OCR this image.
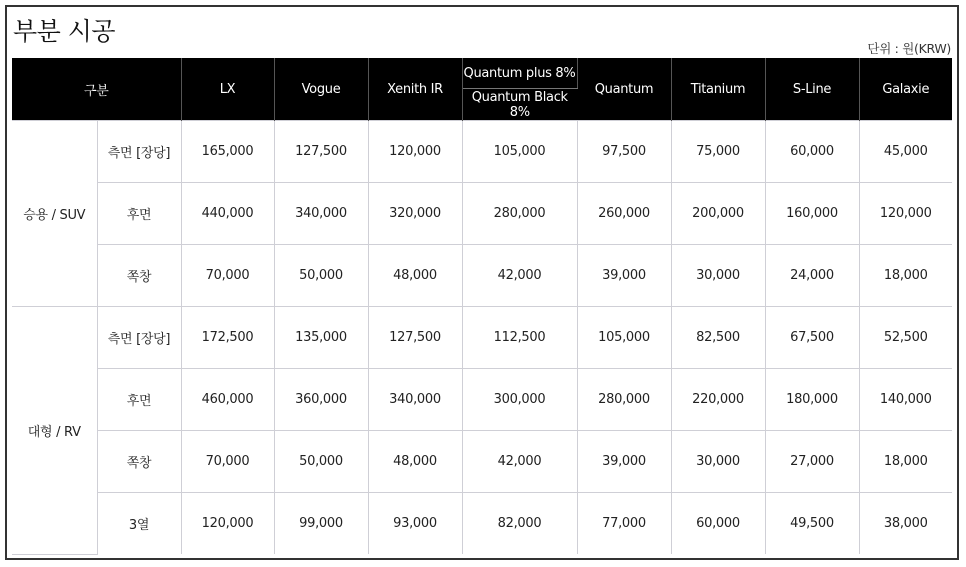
부분 시공
단위 : 원(KRW)
구분		LX	Vogue	Xenith IR	Quantum plus 8%	Quantum	Titanium	S-Line	Galaxie
					Quantum Black 8%				
승용 / SUV	측면 [장당]	165,000	127,500	120,000	105,000	97,500	75,000	60,000	45,000
	후면	440,000	340,000	320,000	280,000	260,000	200,000	160,000	120,000
	쪽창	70,000	50,000	48,000	42,000	39,000	30,000	24,000	18,000
대형 / RV	측면 [장당]	172,500	135,000	127,500	112,500	105,000	82,500	67,500	52,500
	후면	460,000	360,000	340,000	300,000	280,000	220,000	180,000	140,000
	쪽창	70,000	50,000	48,000	42,000	39,000	30,000	27,000	18,000
	3열	120,000	99,000	93,000	82,000	77,000	60,000	49,500	38,000
